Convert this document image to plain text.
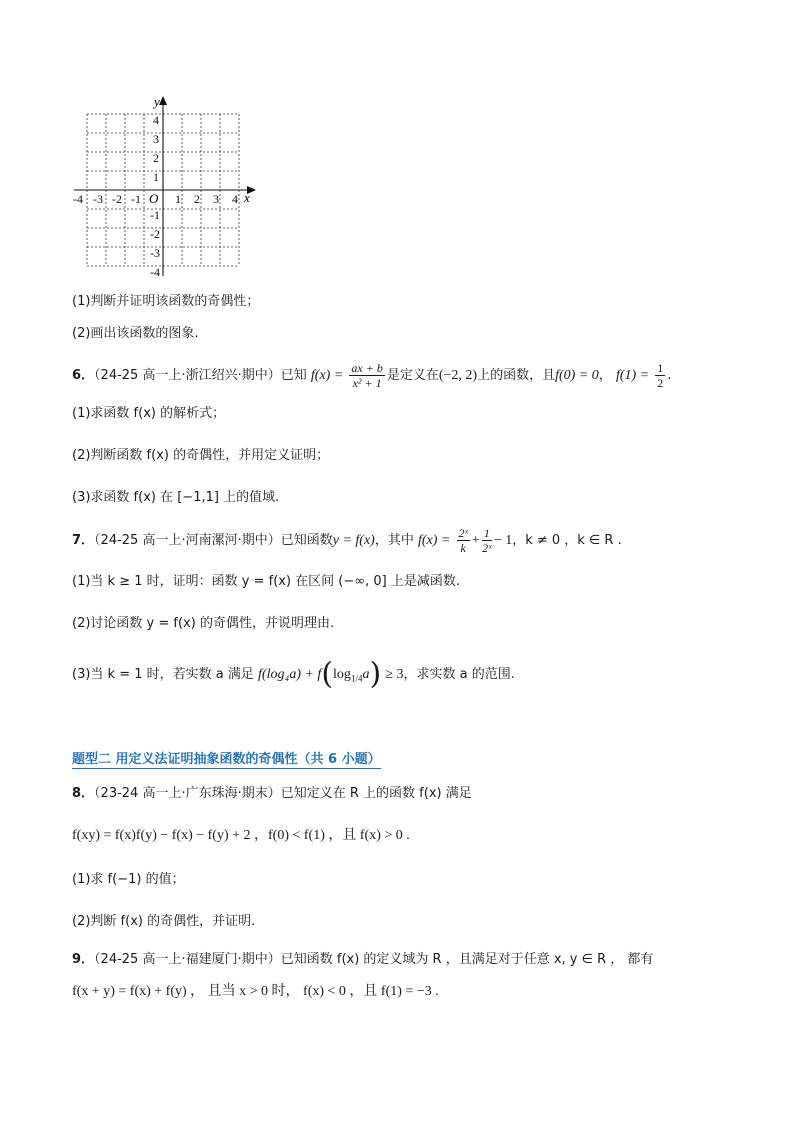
y
x
O
-4 -3 -2 -1	1 2 3 4
4
3
2
1
-1
-2
-3
-4
(1)判断并证明该函数的奇偶性；
(2)画出该函数的图象.
6．（24-25 高一上·浙江绍兴·期中）已知 $f(x) = \frac{ax + b}{\text{x² + 1}}$ 是定义在(−2, 2)上的函数，且f(0) = 0， $f(1) = \frac{1}{2}$ .
(1)求函数 f(x) 的解析式；
(2)判断函数 f(x) 的奇偶性，并用定义证明；
(3)求函数 f(x) 在 [−1,1] 上的值域.
7．（24-25 高一上·河南漯河·期中）已知函数y = f(x)，其中 $f(x) = \frac{\text{2ˣ}}{k} + \frac{1}{\text{2ˣ}} - 1$，k ≠ 0 ，k ∈ R .
(1)当 k ≥ 1 时，证明：函数 y = f(x) 在区间 (−∞, 0] 上是减函数.
(2)讨论函数 y = f(x) 的奇偶性，并说明理由.
(3)当 k = 1 时，若实数 a 满足 $f(\log_4a) + f(\log_{1/4}a) \ge 3$，求实数 a 的范围.
题型二 用定义法证明抽象函数的奇偶性（共 6 小题）
8．（23-24 高一上·广东珠海·期末）已知定义在 R 上的函数 f(x) 满足
f(xy) = f(x)f(y) − f(x) − f(y) + 2 ，f(0) < f(1) ，且 f(x) > 0 .
(1)求 f(−1) 的值；
(2)判断 f(x) 的奇偶性，并证明.
9．（24-25 高一上·福建厦门·期中）已知函数 f(x) 的定义域为 R ，且满足对于任意 x, y ∈ R ， 都有
f(x + y) = f(x) + f(y) ， 且当 x > 0 时， f(x) < 0 ，且 f(1) = −3 .
